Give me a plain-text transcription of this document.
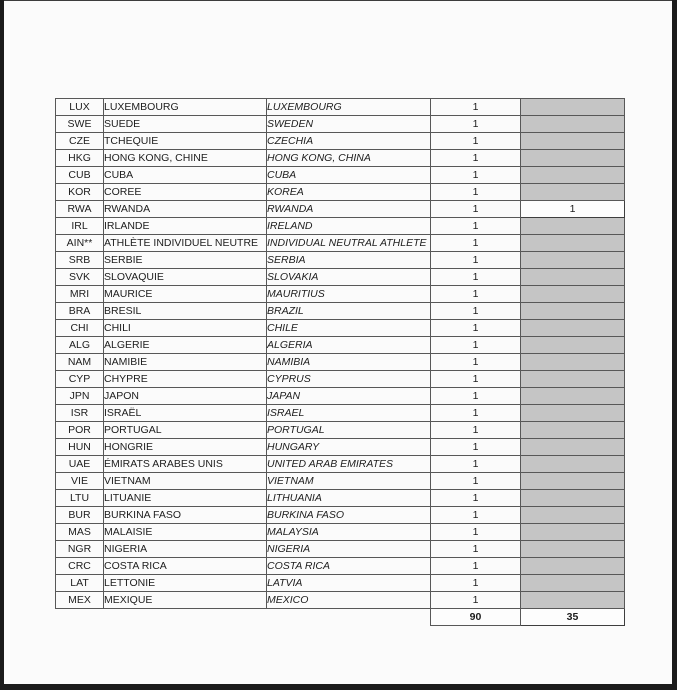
LUX	LUXEMBOURG	LUXEMBOURG	1	
SWE	SUEDE	SWEDEN	1	
CZE	TCHEQUIE	CZECHIA	1	
HKG	HONG KONG, CHINE	HONG KONG, CHINA	1	
CUB	CUBA	CUBA	1	
KOR	COREE	KOREA	1	
RWA	RWANDA	RWANDA	1	1
IRL	IRLANDE	IRELAND	1	
AIN**	ATHLÈTE INDIVIDUEL NEUTRE	INDIVIDUAL NEUTRAL ATHLETE	1	
SRB	SERBIE	SERBIA	1	
SVK	SLOVAQUIE	SLOVAKIA	1	
MRI	MAURICE	MAURITIUS	1	
BRA	BRESIL	BRAZIL	1	
CHI	CHILI	CHILE	1	
ALG	ALGERIE	ALGERIA	1	
NAM	NAMIBIE	NAMIBIA	1	
CYP	CHYPRE	CYPRUS	1	
JPN	JAPON	JAPAN	1	
ISR	ISRAËL	ISRAEL	1	
POR	PORTUGAL	PORTUGAL	1	
HUN	HONGRIE	HUNGARY	1	
UAE	ÉMIRATS ARABES UNIS	UNITED ARAB EMIRATES	1	
VIE	VIETNAM	VIETNAM	1	
LTU	LITUANIE	LITHUANIA	1	
BUR	BURKINA FASO	BURKINA FASO	1	
MAS	MALAISIE	MALAYSIA	1	
NGR	NIGERIA	NIGERIA	1	
CRC	COSTA RICA	COSTA RICA	1	
LAT	LETTONIE	LATVIA	1	
MEX	MEXIQUE	MEXICO	1	
			90	35
